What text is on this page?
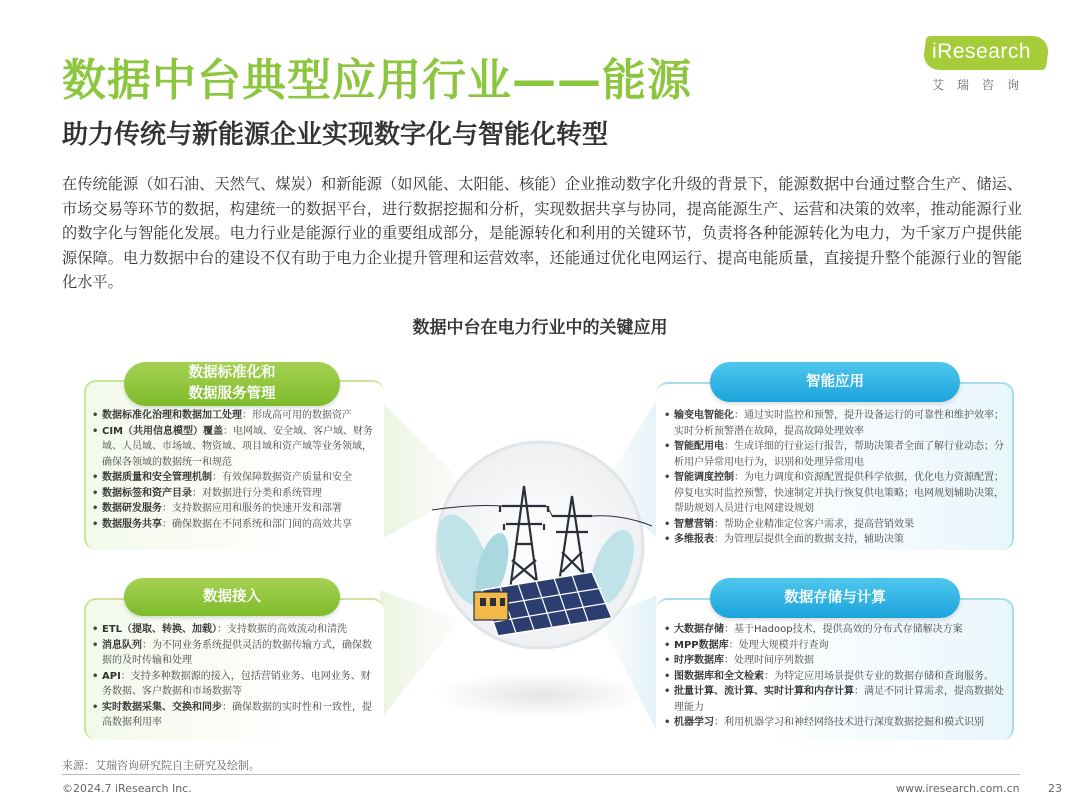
数据中台典型应用行业——能源
助力传统与新能源企业实现数字化与智能化转型
iResearch
艾瑞咨询

在传统能源（如石油、天然气、煤炭）和新能源（如风能、太阳能、核能）企业推动数字化升级的背景下，能源数据中台通过整合生产、储运、市场交易等环节的数据，构建统一的数据平台，进行数据挖掘和分析，实现数据共享与协同，提高能源生产、运营和决策的效率，推动能源行业的数字化与智能化发展。电力行业是能源行业的重要组成部分，是能源转化和利用的关键环节，负责将各种能源转化为电力，为千家万户提供能源保障。电力数据中台的建设不仅有助于电力企业提升管理和运营效率，还能通过优化电网运行、提高电能质量，直接提升整个能源行业的智能化水平。

数据中台在电力行业中的关键应用
数据标准化和
数据服务管理
• 数据标准化治理和数据加工处理：形成高可用的数据资产
• CIM（共用信息模型）覆盖：电网域、安全域、客户域、财务域、人员域、市场域、物资域、项目域和资产域等业务领域，确保各领域的数据统一和规范
• 数据质量和安全管理机制：有效保障数据资产质量和安全
• 数据标签和资产目录：对数据进行分类和系统管理
• 数据研发服务：支持数据应用和服务的快速开发和部署
• 数据服务共享：确保数据在不同系统和部门间的高效共享
数据接入
• ETL（提取、转换、加载）：支持数据的高效流动和清洗
• 消息队列：为不同业务系统提供灵活的数据传输方式，确保数据的及时传输和处理
• API：支持多种数据源的接入，包括营销业务、电网业务、财务数据、客户数据和市场数据等
• 实时数据采集、交换和同步：确保数据的实时性和一致性，提高数据利用率
智能应用
• 输变电智能化：通过实时监控和预警，提升设备运行的可靠性和维护效率；实时分析预警潜在故障，提高故障处理效率
• 智能配用电：生成详细的行业运行报告，帮助决策者全面了解行业动态；分析用户异常用电行为，识别和处理异常用电
• 智能调度控制：为电力调度和资源配置提供科学依据，优化电力资源配置；停复电实时监控预警，快速制定并执行恢复供电策略；电网规划辅助决策，帮助规划人员进行电网建设规划
• 智慧营销：帮助企业精准定位客户需求，提高营销效果
• 多维报表：为管理层提供全面的数据支持，辅助决策
数据存储与计算
• 大数据存储：基于Hadoop技术，提供高效的分布式存储解决方案
• MPP数据库：处理大规模并行查询
• 时序数据库：处理时间序列数据
• 图数据库和全文检索：为特定应用场景提供专业的数据存储和查询服务。
• 批量计算、流计算、实时计算和内存计算：满足不同计算需求，提高数据处理能力
• 机器学习：利用机器学习和神经网络技术进行深度数据挖掘和模式识别
来源：艾瑞咨询研究院自主研究及绘制。
©2024.7 iResearch Inc.	www.iresearch.com.cn	23
